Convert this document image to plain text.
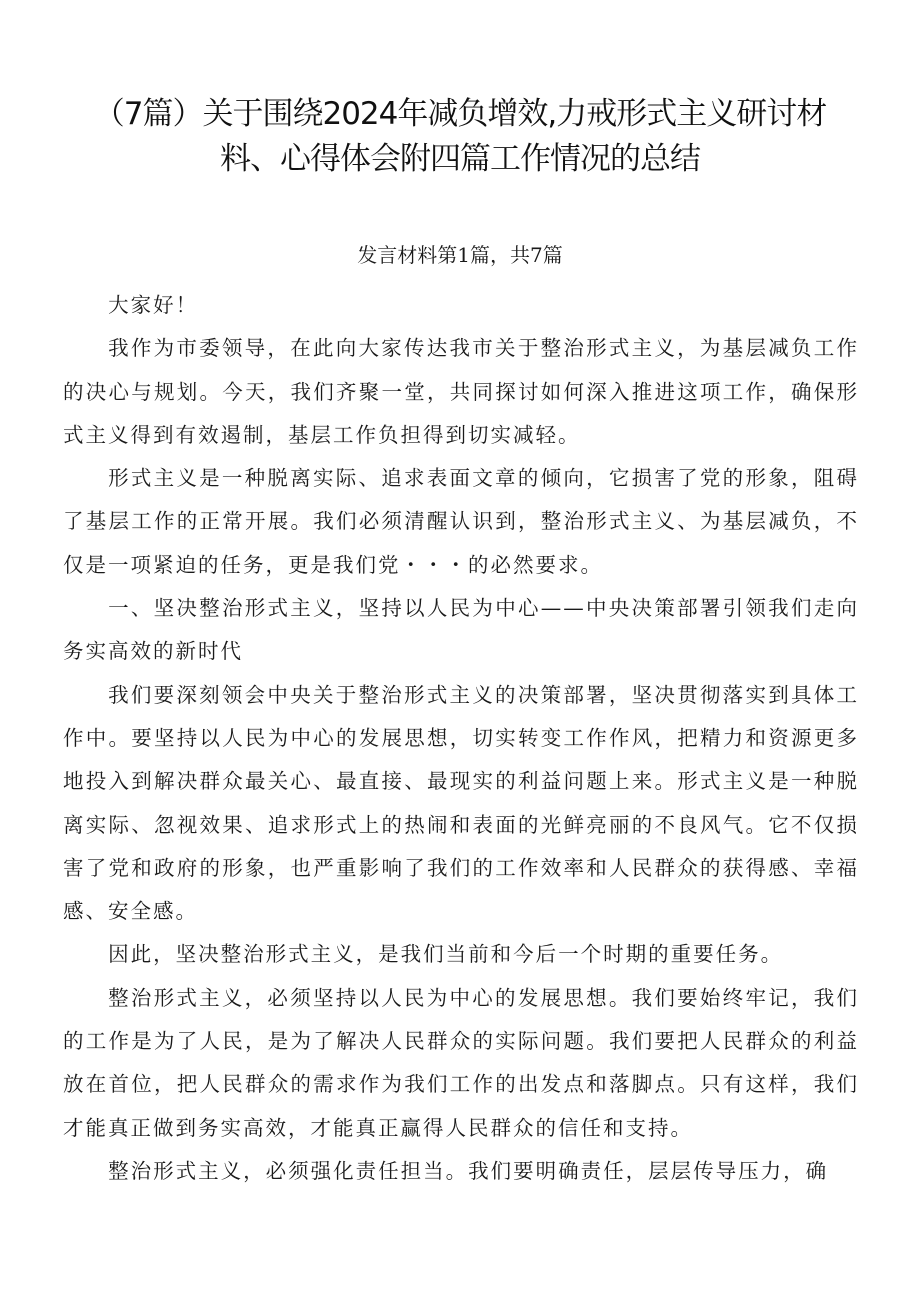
（7篇）关于围绕2024年减负增效,力戒形式主义研讨材料、心得体会附四篇工作情况的总结
发言材料第1篇，共7篇

大家好！

我作为市委领导，在此向大家传达我市关于整治形式主义，为基层减负工作的决心与规划。今天，我们齐聚一堂，共同探讨如何深入推进这项工作，确保形式主义得到有效遏制，基层工作负担得到切实减轻。

形式主义是一种脱离实际、追求表面文章的倾向，它损害了党的形象，阻碍了基层工作的正常开展。我们必须清醒认识到，整治形式主义、为基层减负，不仅是一项紧迫的任务，更是我们党・・・的必然要求。

一、坚决整治形式主义，坚持以人民为中心——中央决策部署引领我们走向务实高效的新时代

我们要深刻领会中央关于整治形式主义的决策部署，坚决贯彻落实到具体工作中。要坚持以人民为中心的发展思想，切实转变工作作风，把精力和资源更多地投入到解决群众最关心、最直接、最现实的利益问题上来。形式主义是一种脱离实际、忽视效果、追求形式上的热闹和表面的光鲜亮丽的不良风气。它不仅损害了党和政府的形象，也严重影响了我们的工作效率和人民群众的获得感、幸福感、安全感。

因此，坚决整治形式主义，是我们当前和今后一个时期的重要任务。

整治形式主义，必须坚持以人民为中心的发展思想。我们要始终牢记，我们的工作是为了人民，是为了解决人民群众的实际问题。我们要把人民群众的利益放在首位，把人民群众的需求作为我们工作的出发点和落脚点。只有这样，我们才能真正做到务实高效，才能真正赢得人民群众的信任和支持。

整治形式主义，必须强化责任担当。我们要明确责任，层层传导压力，确
